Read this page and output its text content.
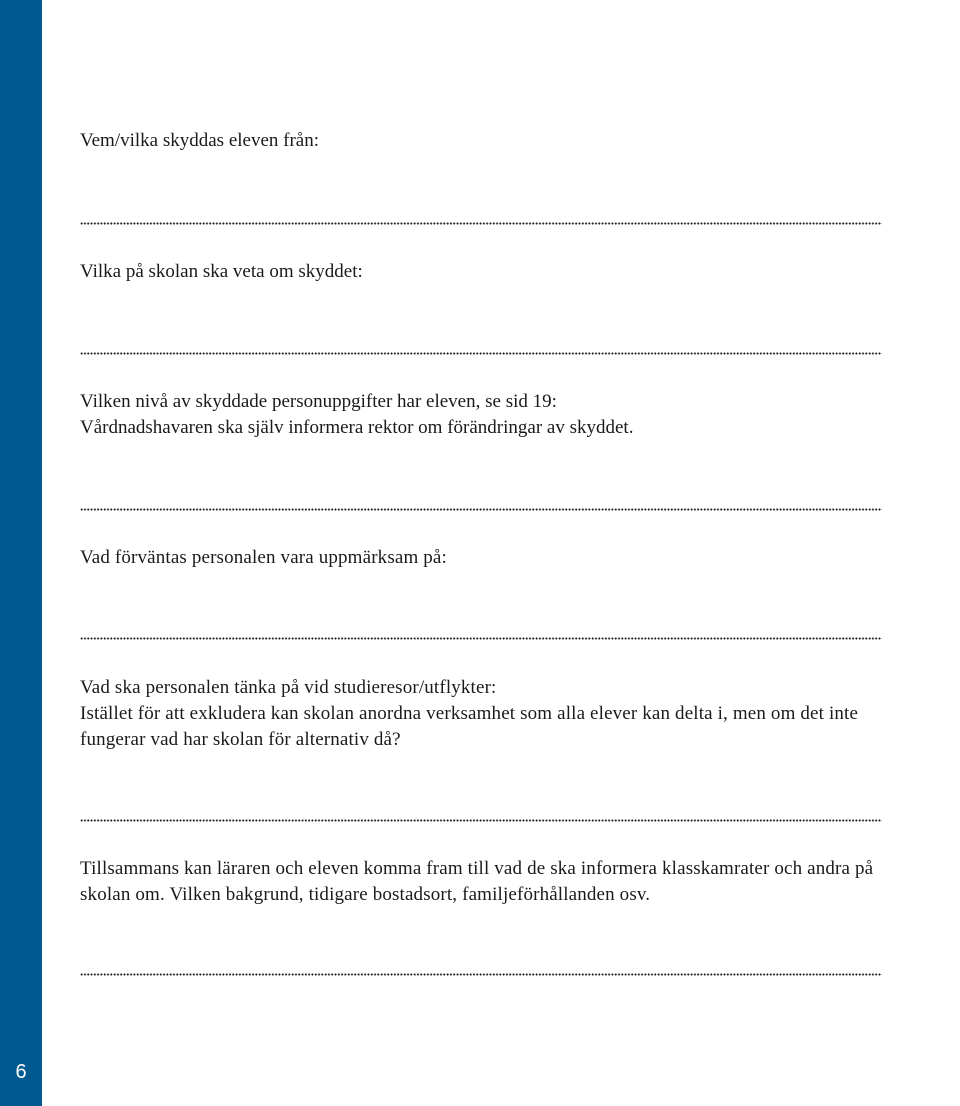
6

Vem/vilka skyddas eleven från:

Vilka på skolan ska veta om skyddet:

Vilken nivå av skyddade personuppgifter har eleven, se sid 19:

Vårdnadshavaren ska själv informera rektor om förändringar av skyddet.

Vad förväntas personalen vara uppmärksam på:

Vad ska personalen tänka på vid studieresor/utflykter:

Istället för att exkludera kan skolan anordna verksamhet som alla elever kan delta i, men om det inte

fungerar vad har skolan för alternativ då?

Tillsammans kan läraren och eleven komma fram till vad de ska informera klasskamrater och andra på

skolan om. Vilken bakgrund, tidigare bostadsort, familjeförhållanden osv.
